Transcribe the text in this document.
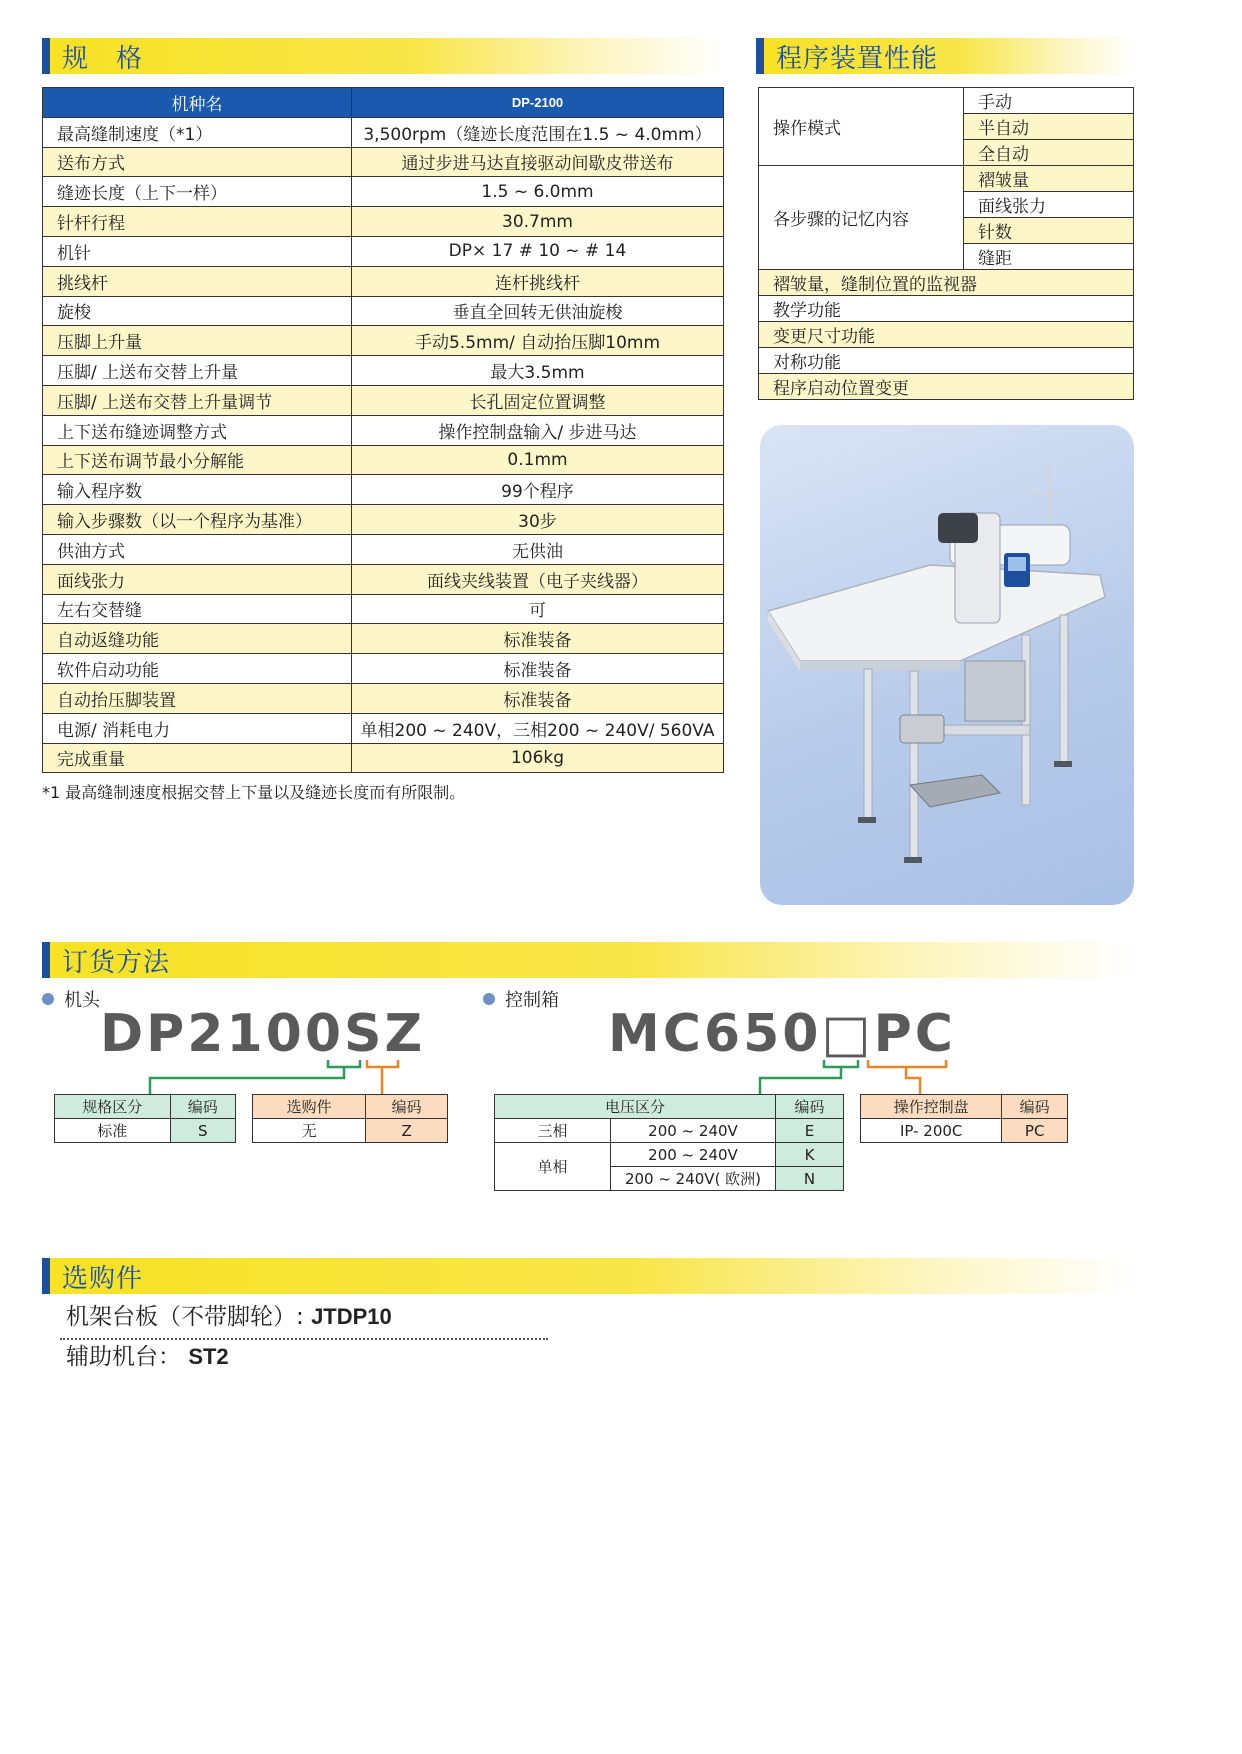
规　格
机种名	DP-2100
最高缝制速度（*1）	3,500rpm（缝迹长度范围在1.5 ~ 4.0mm）
送布方式	通过步进马达直接驱动间歇皮带送布
缝迹长度（上下一样）	1.5 ~ 6.0mm
针杆行程	30.7mm
机针	DP× 17 # 10 ~ # 14
挑线杆	连杆挑线杆
旋梭	垂直全回转无供油旋梭
压脚上升量	手动5.5mm/ 自动抬压脚10mm
压脚/ 上送布交替上升量	最大3.5mm
压脚/ 上送布交替上升量调节	长孔固定位置调整
上下送布缝迹调整方式	操作控制盘输入/ 步进马达
上下送布调节最小分解能	0.1mm
输入程序数	99个程序
输入步骤数（以一个程序为基准）	30步
供油方式	无供油
面线张力	面线夹线装置（电子夹线器）
左右交替缝	可
自动返缝功能	标准装备
软件启动功能	标准装备
自动抬压脚装置	标准装备
电源/ 消耗电力	单相200 ~ 240V，三相200 ~ 240V/ 560VA
完成重量	106kg
*1 最高缝制速度根据交替上下量以及缝迹长度而有所限制。
程序装置性能
操作模式	手动
	半自动
	全自动
各步骤的记忆内容	褶皱量
	面线张力
	针数
	缝距
褶皱量，缝制位置的监视器	
教学功能	
变更尺寸功能	
对称功能	
程序启动位置变更	
订货方法
机头	控制箱
DP2100SZ	MC650□PC
规格区分	编码
标准	S
选购件	编码
无	Z
电压区分		编码
三相	200 ~ 240V	E
单相	200 ~ 240V	K
	200 ~ 240V( 欧洲)	N
操作控制盘	编码
IP- 200C	PC
选购件
机架台板（不带脚轮）: JTDP10
辅助机台： ST2
